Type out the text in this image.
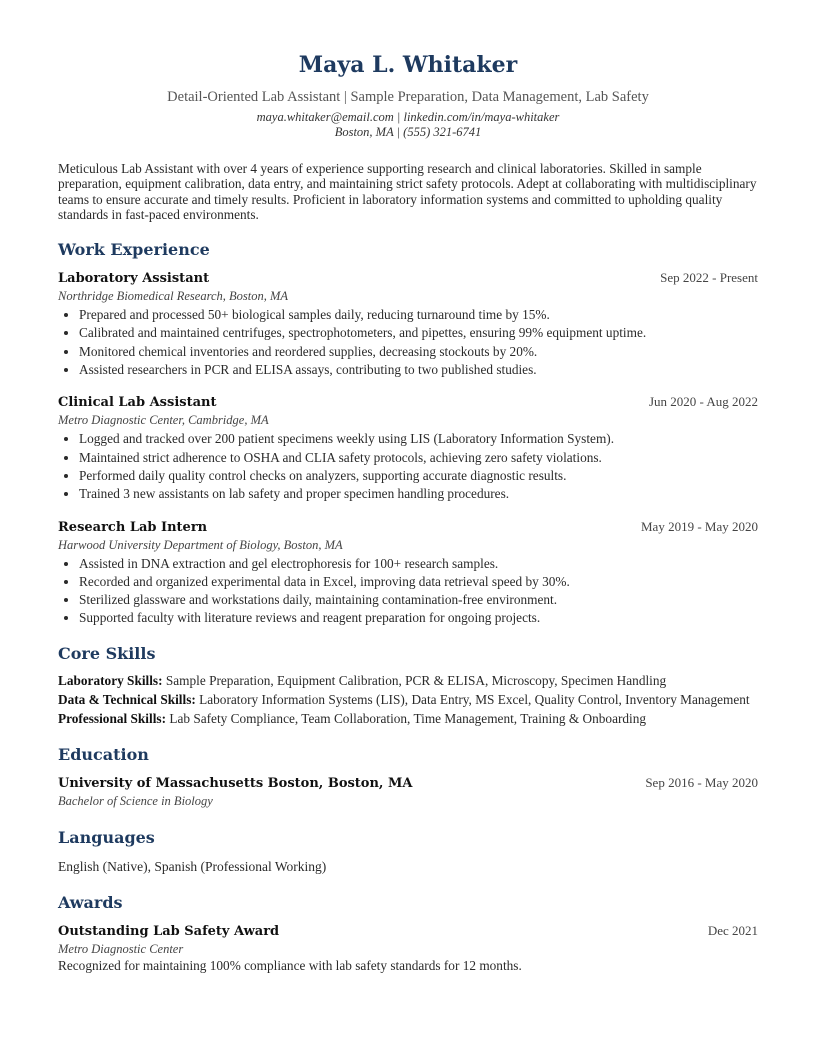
Maya L. Whitaker
Detail-Oriented Lab Assistant | Sample Preparation, Data Management, Lab Safety
maya.whitaker@email.com | linkedin.com/in/maya-whitaker
Boston, MA | (555) 321-6741
Meticulous Lab Assistant with over 4 years of experience supporting research and clinical laboratories. Skilled in sample preparation, equipment calibration, data entry, and maintaining strict safety protocols. Adept at collaborating with multidisciplinary teams to ensure accurate and timely results. Proficient in laboratory information systems and committed to upholding quality standards in fast-paced environments.
Work Experience
Laboratory Assistant	Sep 2022 - Present
Northridge Biomedical Research, Boston, MA
• Prepared and processed 50+ biological samples daily, reducing turnaround time by 15%.
• Calibrated and maintained centrifuges, spectrophotometers, and pipettes, ensuring 99% equipment uptime.
• Monitored chemical inventories and reordered supplies, decreasing stockouts by 20%.
• Assisted researchers in PCR and ELISA assays, contributing to two published studies.
Clinical Lab Assistant	Jun 2020 - Aug 2022
Metro Diagnostic Center, Cambridge, MA
• Logged and tracked over 200 patient specimens weekly using LIS (Laboratory Information System).
• Maintained strict adherence to OSHA and CLIA safety protocols, achieving zero safety violations.
• Performed daily quality control checks on analyzers, supporting accurate diagnostic results.
• Trained 3 new assistants on lab safety and proper specimen handling procedures.
Research Lab Intern	May 2019 - May 2020
Harwood University Department of Biology, Boston, MA
• Assisted in DNA extraction and gel electrophoresis for 100+ research samples.
• Recorded and organized experimental data in Excel, improving data retrieval speed by 30%.
• Sterilized glassware and workstations daily, maintaining contamination-free environment.
• Supported faculty with literature reviews and reagent preparation for ongoing projects.
Core Skills
Laboratory Skills: Sample Preparation, Equipment Calibration, PCR & ELISA, Microscopy, Specimen Handling
Data & Technical Skills: Laboratory Information Systems (LIS), Data Entry, MS Excel, Quality Control, Inventory Management
Professional Skills: Lab Safety Compliance, Team Collaboration, Time Management, Training & Onboarding
Education
University of Massachusetts Boston, Boston, MA	Sep 2016 - May 2020
Bachelor of Science in Biology
Languages
English (Native), Spanish (Professional Working)
Awards
Outstanding Lab Safety Award	Dec 2021
Metro Diagnostic Center
Recognized for maintaining 100% compliance with lab safety standards for 12 months.
